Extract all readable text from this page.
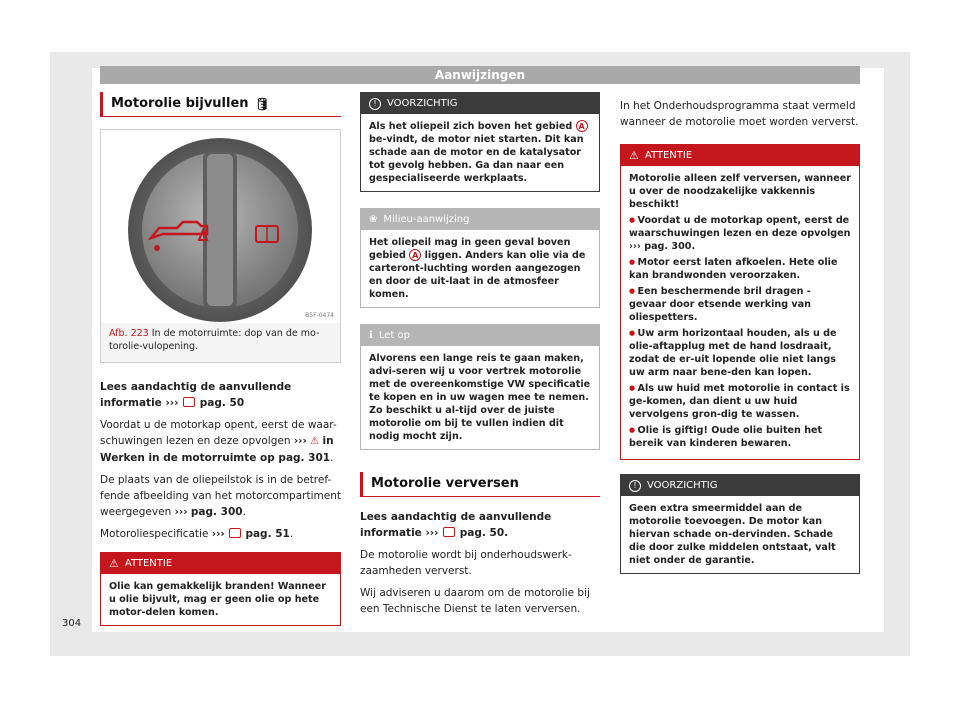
Aanwijzingen
Motorolie bijvullen 🛢
B5F-0474
Afb. 223 In de motorruimte: dop van de mo-torolie-vulopening.

Lees aandachtig de aanvullende informatie ››› pag. 50

Voordat u de motorkap opent, eerst de waar-schuwingen lezen en deze opvolgen ››› ⚠ in Werken in de motorruimte op pag. 301.

De plaats van de oliepeilstok is in de betref-fende afbeelding van het motorcompartiment weergegeven ››› pag. 300.

Motoroliespecificatie ››› pag. 51.

⚠ ATTENTIE
Olie kan gemakkelijk branden! Wanneer u olie bijvult, mag er geen olie op hete motor-delen komen.
!	VOORZICHTIG
Als het oliepeil zich boven het gebied A be-vindt, de motor niet starten. Dit kan schade aan de motor en de katalysator tot gevolg hebben. Ga dan naar een gespecialiseerde werkplaats.
❀ Milieu-aanwijzing
Het oliepeil mag in geen geval boven gebied A liggen. Anders kan olie via de carteront-luchting worden aangezogen en door de uit-laat in de atmosfeer komen.
ℹ Let op
Alvorens een lange reis te gaan maken, advi-seren wij u voor vertrek motorolie met de overeenkomstige VW specificatie te kopen en in uw wagen mee te nemen. Zo beschikt u al-tijd over de juiste motorolie om bij te vullen indien dit nodig mocht zijn.
Motorolie verversen

Lees aandachtig de aanvullende informatie ››› pag. 50.

De motorolie wordt bij onderhoudswerk-zaamheden ververst.

Wij adviseren u daarom om de motorolie bij een Technische Dienst te laten verversen.

In het Onderhoudsprogramma staat vermeld wanneer de motorolie moet worden ververst.

⚠ ATTENTIE
Motorolie alleen zelf verversen, wanneer u over de noodzakelijke vakkennis beschikt!
● Voordat u de motorkap opent, eerst de waarschuwingen lezen en deze opvolgen ››› pag. 300.
● Motor eerst laten afkoelen. Hete olie kan brandwonden veroorzaken.
● Een beschermende bril dragen - gevaar door etsende werking van oliespetters.
● Uw arm horizontaal houden, als u de olie-aftapplug met de hand losdraait, zodat de er-uit lopende olie niet langs uw arm naar bene-den kan lopen.
● Als uw huid met motorolie in contact is ge-komen, dan dient u uw huid vervolgens gron-dig te wassen.
● Olie is giftig! Oude olie buiten het bereik van kinderen bewaren.
!	VOORZICHTIG
Geen extra smeermiddel aan de motorolie toevoegen. De motor kan hiervan schade on-dervinden. Schade die door zulke middelen ontstaat, valt niet onder de garantie.
304
